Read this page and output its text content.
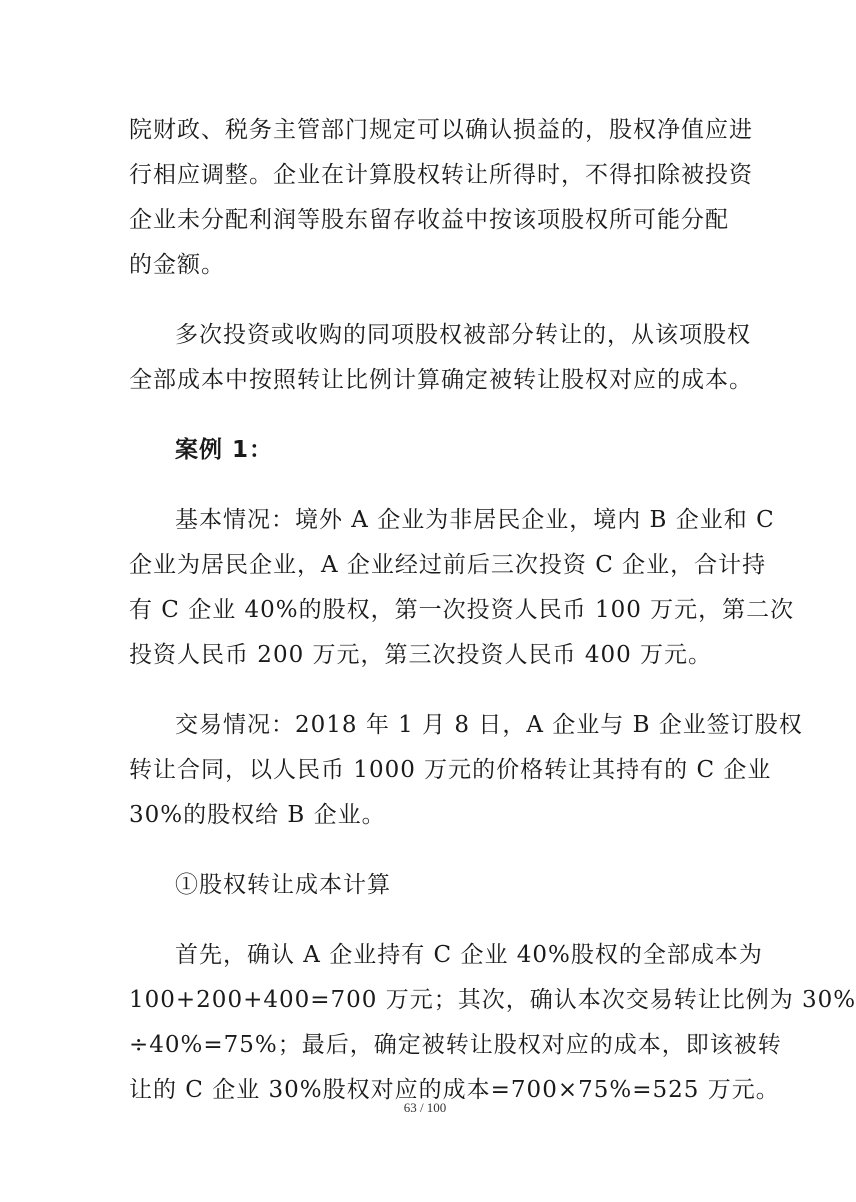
院财政、税务主管部门规定可以确认损益的，股权净值应进
行相应调整。企业在计算股权转让所得时，不得扣除被投资
企业未分配利润等股东留存收益中按该项股权所可能分配
的金额。
多次投资或收购的同项股权被部分转让的，从该项股权
全部成本中按照转让比例计算确定被转让股权对应的成本。
案例 1：
基本情况：境外 A 企业为非居民企业，境内 B 企业和 C
企业为居民企业，A 企业经过前后三次投资 C 企业，合计持
有 C 企业 40%的股权，第一次投资人民币 100 万元，第二次
投资人民币 200 万元，第三次投资人民币 400 万元。
交易情况：2018 年 1 月 8 日，A 企业与 B 企业签订股权
转让合同，以人民币 1000 万元的价格转让其持有的 C 企业
30%的股权给 B 企业。
①股权转让成本计算
首先，确认 A 企业持有 C 企业 40%股权的全部成本为
100+200+400=700 万元；其次，确认本次交易转让比例为 30%
÷40%=75%；最后，确定被转让股权对应的成本，即该被转
让的 C 企业 30%股权对应的成本=700×75%=525 万元。
63 / 100
